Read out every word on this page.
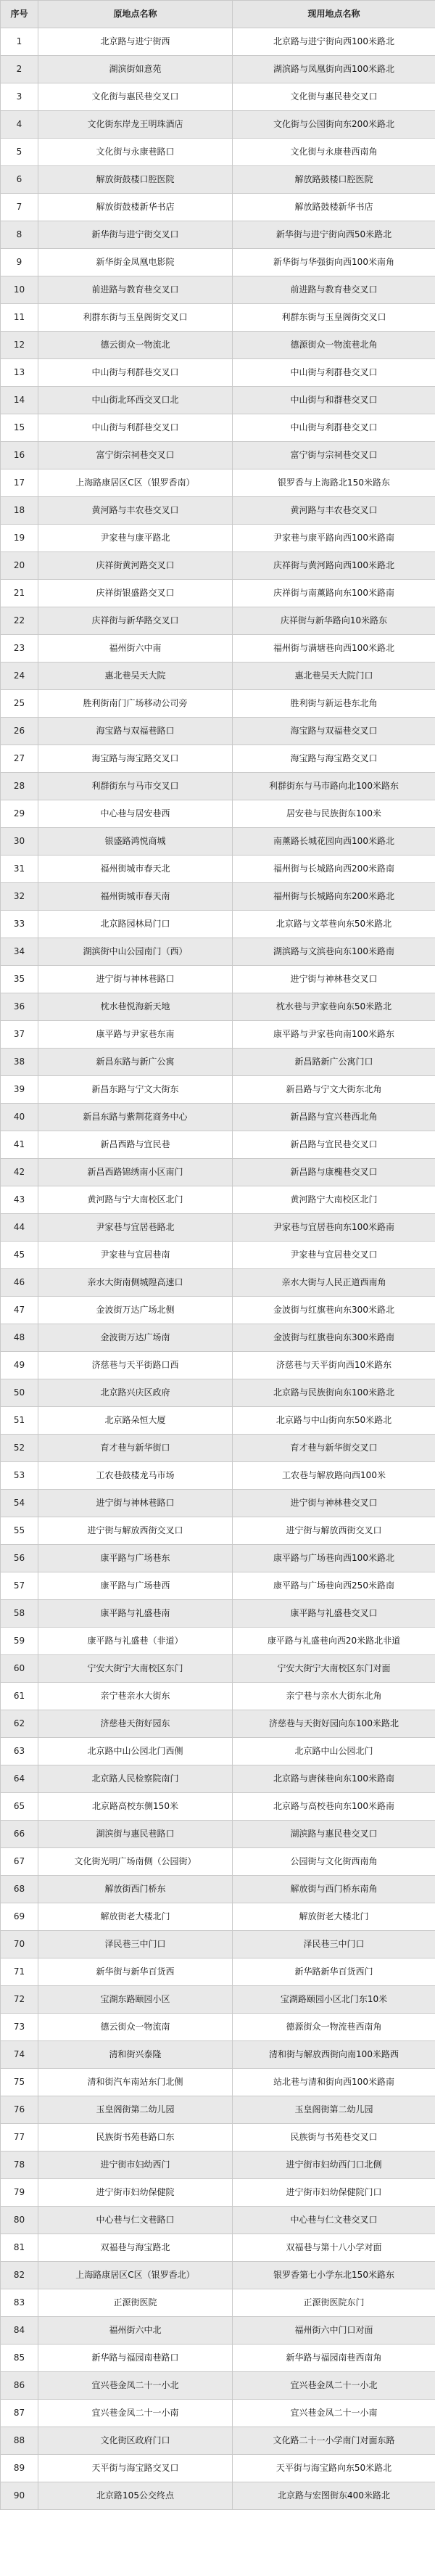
序号	原地点名称	现用地点名称
1	北京路与进宁街西	北京路与进宁街向西100米路北
2	湖滨街如意苑	湖滨路与凤凰街向西100米路北
3	文化街与惠民巷交叉口	文化街与惠民巷交叉口
4	文化街东岸龙王明珠酒店	文化街与公园街向东200米路北
5	文化街与永康巷路口	文化街与永康巷西南角
6	解放街鼓楼口腔医院	解放路鼓楼口腔医院
7	解放街鼓楼新华书店	解放路鼓楼新华书店
8	新华街与进宁街交叉口	新华街与进宁街向西50米路北
9	新华街金凤凰电影院	新华街与华强街向西100米南角
10	前进路与教育巷交叉口	前进路与教育巷交叉口
11	利群东街与玉皇阁街交叉口	利群东街与玉皇阁街交叉口
12	德云街众一物流北	德源街众一物流巷北角
13	中山街与利群巷交叉口	中山街与利群巷交叉口
14	中山街北环西交叉口北	中山街与和群巷交叉口
15	中山街与利群巷交叉口	中山街与利群巷交叉口
16	富宁街宗祠巷交叉口	富宁街与宗祠巷交叉口
17	上海路康居区C区（银罗香南）	银罗香与上海路北150米路东
18	黄河路与丰农巷交叉口	黄河路与丰农巷交叉口
19	尹家巷与康平路北	尹家巷与康平路向西100米路南
20	庆祥街黄河路交叉口	庆祥街与黄河路向西100米路北
21	庆祥街银盛路交叉口	庆祥街与南薰路向东100米路南
22	庆祥街与新华路交叉口	庆祥街与新华路向10米路东
23	福州街六中南	福州街与满塘巷向西100米路北
24	惠北巷吴天大院	惠北巷吴天大院门口
25	胜利街南门广场移动公司旁	胜利街与新运巷东北角
26	海宝路与双福巷路口	海宝路与双福巷交叉口
27	海宝路与海宝路交叉口	海宝路与海宝路交叉口
28	利群街东与马市交叉口	利群街东与马市路向北100米路东
29	中心巷与居安巷西	居安巷与民族街东100米
30	银盛路鸿悦商城	南薰路长城花园向西100米路北
31	福州街城市春天北	福州街与长城路向西200米路南
32	福州街城市春天南	福州街与长城路向东200米路北
33	北京路园林局门口	北京路与文萃巷向东50米路北
34	湖滨街中山公园南门（西）	湖滨路与文滨巷向东100米路南
35	进宁街与神林巷路口	进宁街与神林巷交叉口
36	枕水巷悦海新天地	枕水巷与尹家巷向东50米路北
37	康平路与尹家巷东南	康平路与尹家巷向南100米路东
38	新昌东路与新广公寓	新昌路新广公寓门口
39	新昌东路与宁文大街东	新昌路与宁文大街东北角
40	新昌东路与紫荆花商务中心	新昌路与宜兴巷西北角
41	新昌西路与宜民巷	新昌路与宜民巷交叉口
42	新昌西路锦绣南小区南门	新昌路与康槐巷交叉口
43	黄河路与宁大南校区北门	黄河路宁大南校区北门
44	尹家巷与宜居巷路北	尹家巷与宜居巷向东100米路南
45	尹家巷与宜居巷南	尹家巷与宜居巷交叉口
46	亲水大街南侧城隍高速口	亲水大街与人民正道西南角
47	金波街万达广场北侧	金波街与红旗巷向东300米路北
48	金波街万达广场南	金波街与红旗巷向东300米路南
49	济慈巷与天平街路口西	济慈巷与天平街向西10米路东
50	北京路兴庆区政府	北京路与民族街向东100米路北
51	北京路朵恒大厦	北京路与中山街向东50米路北
52	育才巷与新华街口	育才巷与新华街交叉口
53	工农巷鼓楼龙马市场	工农巷与解放路向西100米
54	进宁街与神林巷路口	进宁街与神林巷交叉口
55	进宁街与解放西街交叉口	进宁街与解放西街交叉口
56	康平路与广场巷东	康平路与广场巷向西100米路北
57	康平路与广场巷西	康平路与广场巷向西250米路南
58	康平路与礼盛巷南	康平路与礼盛巷交叉口
59	康平路与礼盛巷（非道）	康平路与礼盛巷向西20米路北非道
60	宁安大街宁大南校区东门	宁安大街宁大南校区东门对面
61	亲宁巷亲水大街东	亲宁巷与亲水大街东北角
62	济慈巷天街好园东	济慈巷与天街好园向东100米路北
63	北京路中山公园北门西侧	北京路中山公园北门
64	北京路人民检察院南门	北京路与唐徕巷向东100米路南
65	北京路高校东侧150米	北京路与高校巷向东100米路南
66	湖滨街与惠民巷路口	湖滨路与惠民巷交叉口
67	文化街光明广场南侧（公园街）	公园街与文化街西南角
68	解放街西门桥东	解放街与西门桥东南角
69	解放街老大楼北门	解放街老大楼北门
70	泽民巷三中门口	泽民巷三中门口
71	新华街与新华百货西	新华路新华百货西门
72	宝湖东路颐园小区	宝湖路颐园小区北门东10米
73	德云街众一物流南	德源街众一物流巷西南角
74	清和街兴泰隆	清和街与解放西街向南100米路西
75	清和街汽车南站东门北侧	站北巷与清和街向西100米路南
76	玉皇阁街第二幼儿园	玉皇阁街第二幼儿园
77	民族街书苑巷路口东	民族街与书苑巷交叉口
78	进宁街市妇幼西门	进宁街市妇幼西门口北侧
79	进宁街市妇幼保健院	进宁街市妇幼保健院门口
80	中心巷与仁文巷路口	中心巷与仁文巷交叉口
81	双福巷与海宝路北	双福巷与第十八小学对面
82	上海路康居区C区（银罗香北）	银罗香第七小学东北150米路东
83	正源街医院	正源街医院东门
84	福州街六中北	福州街六中门口对面
85	新华路与福园南巷路口	新华路与福园南巷西南角
86	宜兴巷金凤二十一小北	宜兴巷金凤二十一小北
87	宜兴巷金凤二十一小南	宜兴巷金凤二十一小南
88	文化街区政府门口	文化路二十一小学南门对面东路
89	天平街与海宝路交叉口	天平街与海宝路向东50米路北
90	北京路105公交终点	北京路与宏图街东400米路北
